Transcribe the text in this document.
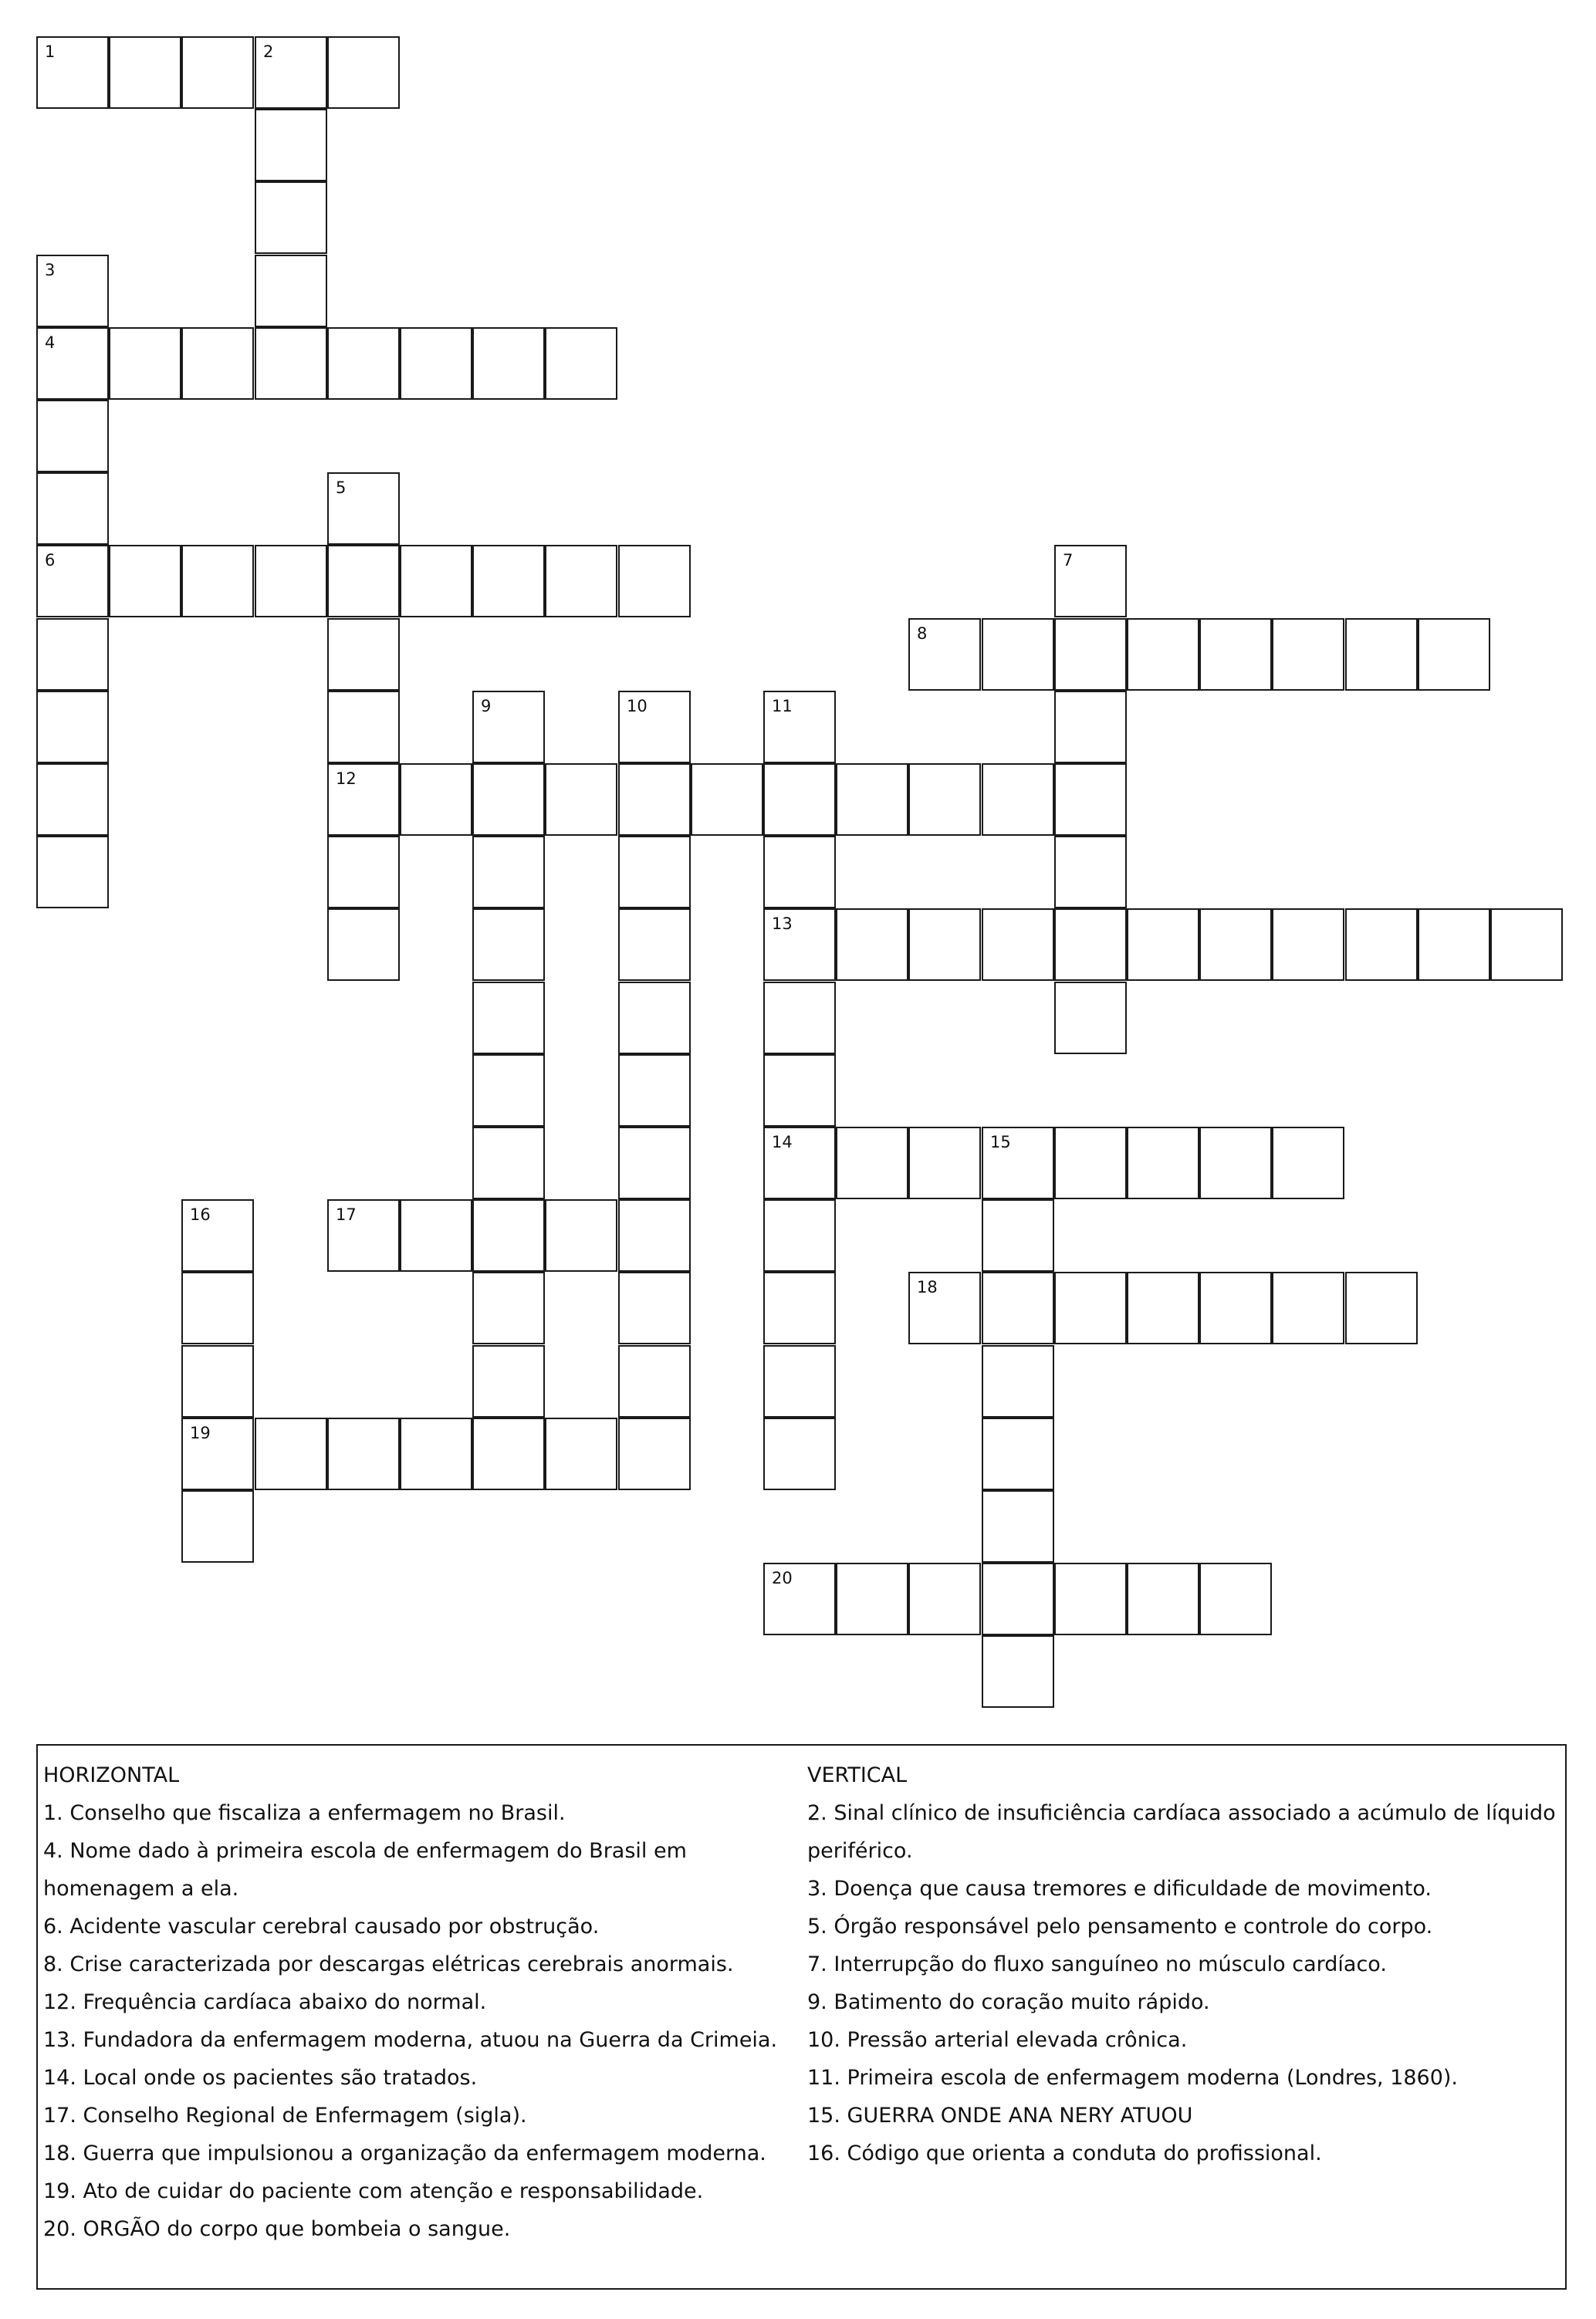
1	2
3
4
5
6	7
8
9	10	11
12
13
14	15
16	17
18
19
20
HORIZONTAL
1. Conselho que fiscaliza a enfermagem no Brasil.
4. Nome dado à primeira escola de enfermagem do Brasil em homenagem a ela.
6. Acidente vascular cerebral causado por obstrução.
8. Crise caracterizada por descargas elétricas cerebrais anormais.
12. Frequência cardíaca abaixo do normal.
13. Fundadora da enfermagem moderna, atuou na Guerra da Crimeia.
14. Local onde os pacientes são tratados.
17. Conselho Regional de Enfermagem (sigla).
18. Guerra que impulsionou a organização da enfermagem moderna.
19. Ato de cuidar do paciente com atenção e responsabilidade.
20. ORGÃO do corpo que bombeia o sangue.
VERTICAL
2. Sinal clínico de insuficiência cardíaca associado a acúmulo de líquido periférico.
3. Doença que causa tremores e dificuldade de movimento.
5. Órgão responsável pelo pensamento e controle do corpo.
7. Interrupção do fluxo sanguíneo no músculo cardíaco.
9. Batimento do coração muito rápido.
10. Pressão arterial elevada crônica.
11. Primeira escola de enfermagem moderna (Londres, 1860).
15. GUERRA ONDE ANA NERY ATUOU
16. Código que orienta a conduta do profissional.
